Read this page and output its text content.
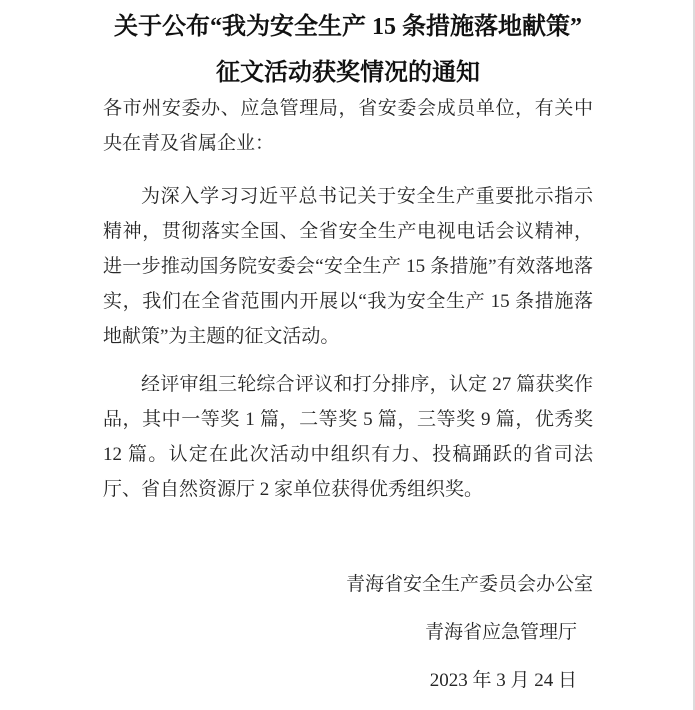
关于公布“我为安全生产 15 条措施落地献策”
征文活动获奖情况的通知
各市州安委办、应急管理局，省安委会成员单位，有关中央在青及省属企业：

为深入学习习近平总书记关于安全生产重要批示指示精神，贯彻落实全国、全省安全生产电视电话会议精神，进一步推动国务院安委会“安全生产 15 条措施”有效落地落实，我们在全省范围内开展以“我为安全生产 15 条措施落地献策”为主题的征文活动。

经评审组三轮综合评议和打分排序，认定 27 篇获奖作品，其中一等奖 1 篇，二等奖 5 篇，三等奖 9 篇，优秀奖 12 篇。认定在此次活动中组织有力、投稿踊跃的省司法厅、省自然资源厅 2 家单位获得优秀组织奖。

青海省安全生产委员会办公室
青海省应急管理厅
2023 年 3 月 24 日
